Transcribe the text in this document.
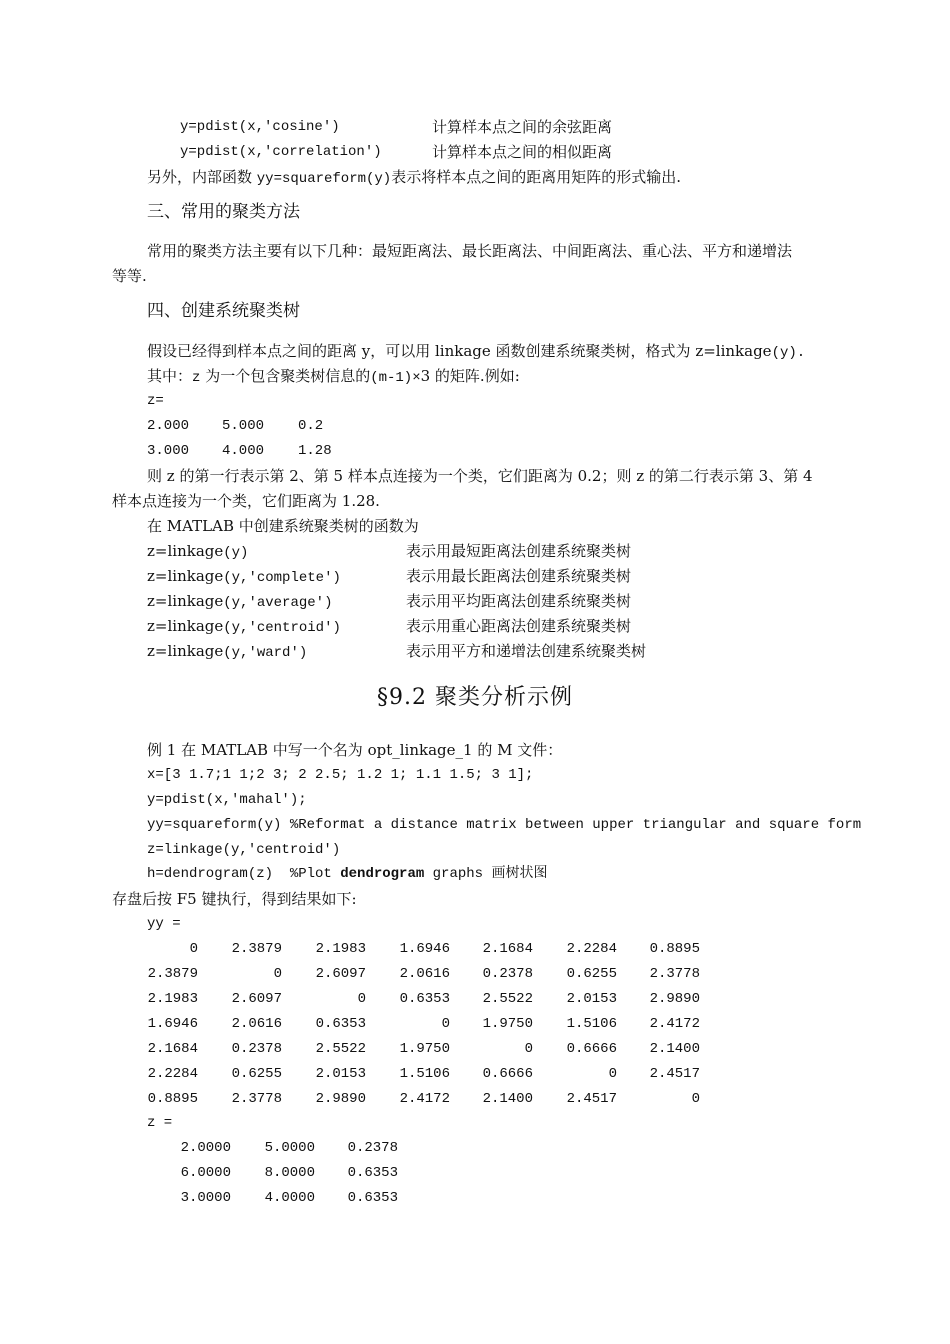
y=pdist(x,'cosine')	计算样本点之间的余弦距离
y=pdist(x,'correlation')	计算样本点之间的相似距离
另外，内部函数 yy=squareform(y)表示将样本点之间的距离用矩阵的形式输出.
三、常用的聚类方法
常用的聚类方法主要有以下几种：最短距离法、最长距离法、中间距离法、重心法、平方和递增法
等等.
四、创建系统聚类树
假设已经得到样本点之间的距离 y，可以用 linkage 函数创建系统聚类树，格式为 z=linkage(y).
其中：z 为一个包含聚类树信息的(m-1)×3 的矩阵.例如:
z=
2.000 5.000 0.2
3.000 4.000 1.28
则 z 的第一行表示第 2、第 5 样本点连接为一个类，它们距离为 0.2；则 z 的第二行表示第 3、第 4
样本点连接为一个类，它们距离为 1.28.
在 MATLAB 中创建系统聚类树的函数为
z=linkage(y)	表示用最短距离法创建系统聚类树
z=linkage(y,'complete')	表示用最长距离法创建系统聚类树
z=linkage(y,'average')	表示用平均距离法创建系统聚类树
z=linkage(y,'centroid')	表示用重心距离法创建系统聚类树
z=linkage(y,'ward')	表示用平方和递增法创建系统聚类树
§9.2 聚类分析示例
例 1 在 MATLAB 中写一个名为 opt_linkage_1 的 M 文件：
x=[3 1.7;1 1;2 3; 2 2.5; 1.2 1; 1.1 1.5; 3 1];
y=pdist(x,'mahal');
yy=squareform(y) %Reformat a distance matrix between upper triangular and square form
z=linkage(y,'centroid')
h=dendrogram(z)  %Plot dendrogram graphs 画树状图
存盘后按 F5 键执行，得到结果如下:
yy =
0	2.3879	2.1983	1.6946	2.1684	2.2284	0.8895
2.3879	0	2.6097	2.0616	0.2378	0.6255	2.3778
2.1983	2.6097	0	0.6353	2.5522	2.0153	2.9890
1.6946	2.0616	0.6353	0	1.9750	1.5106	2.4172
2.1684	0.2378	2.5522	1.9750	0	0.6666	2.1400
2.2284	0.6255	2.0153	1.5106	0.6666	0	2.4517
0.8895	2.3778	2.9890	2.4172	2.1400	2.4517	0
z =
2.0000	5.0000	0.2378
6.0000	8.0000	0.6353
3.0000	4.0000	0.6353
